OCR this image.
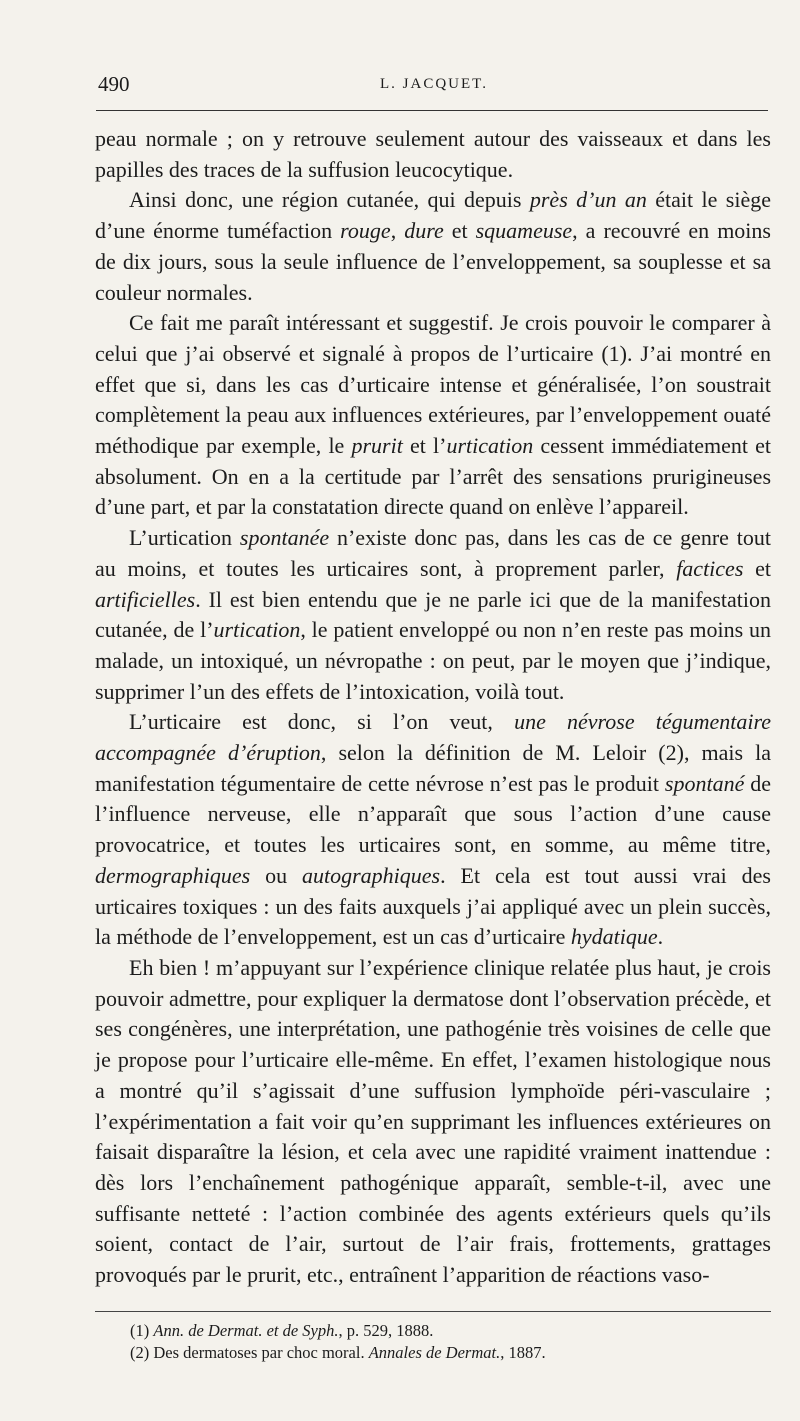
490	L. JACQUET.

peau normale ; on y retrouve seulement autour des vaisseaux et dans les papilles des traces de la suffusion leucocytique.

Ainsi donc, une région cutanée, qui depuis près d’un an était le siège d’une énorme tuméfaction rouge, dure et squameuse, a recouvré en moins de dix jours, sous la seule influence de l’enveloppement, sa souplesse et sa couleur normales.

Ce fait me paraît intéressant et suggestif. Je crois pouvoir le comparer à celui que j’ai observé et signalé à propos de l’urticaire (1). J’ai montré en effet que si, dans les cas d’urticaire intense et généralisée, l’on soustrait complètement la peau aux influences extérieures, par l’enveloppement ouaté méthodique par exemple, le prurit et l’urtication cessent immédiatement et absolument. On en a la certitude par l’arrêt des sensations prurigineuses d’une part, et par la constatation directe quand on enlève l’appareil.

L’urtication spontanée n’existe donc pas, dans les cas de ce genre tout au moins, et toutes les urticaires sont, à proprement parler, factices et artificielles. Il est bien entendu que je ne parle ici que de la manifestation cutanée, de l’urtication, le patient enveloppé ou non n’en reste pas moins un malade, un intoxiqué, un névropathe : on peut, par le moyen que j’indique, supprimer l’un des effets de l’intoxication, voilà tout.

L’urticaire est donc, si l’on veut, une névrose tégumentaire accompagnée d’éruption, selon la définition de M. Leloir (2), mais la manifestation tégumentaire de cette névrose n’est pas le produit spontané de l’influence nerveuse, elle n’apparaît que sous l’action d’une cause provocatrice, et toutes les urticaires sont, en somme, au même titre, dermographiques ou autographiques. Et cela est tout aussi vrai des urticaires toxiques : un des faits auxquels j’ai appliqué avec un plein succès, la méthode de l’enveloppement, est un cas d’urticaire hydatique.

Eh bien ! m’appuyant sur l’expérience clinique relatée plus haut, je crois pouvoir admettre, pour expliquer la dermatose dont l’observation précède, et ses congénères, une interprétation, une pathogénie très voisines de celle que je propose pour l’urticaire elle-même. En effet, l’examen histologique nous a montré qu’il s’agissait d’une suffusion lymphoïde péri-vasculaire ; l’expérimentation a fait voir qu’en supprimant les influences extérieures on faisait disparaître la lésion, et cela avec une rapidité vraiment inattendue : dès lors l’enchaînement pathogénique apparaît, semble-t-il, avec une suffisante netteté : l’action combinée des agents extérieurs quels qu’ils soient, contact de l’air, surtout de l’air frais, frottements, grattages provoqués par le prurit, etc., entraînent l’apparition de réactions vaso-

(1) Ann. de Dermat. et de Syph., p. 529, 1888.

(2) Des dermatoses par choc moral. Annales de Dermat., 1887.
